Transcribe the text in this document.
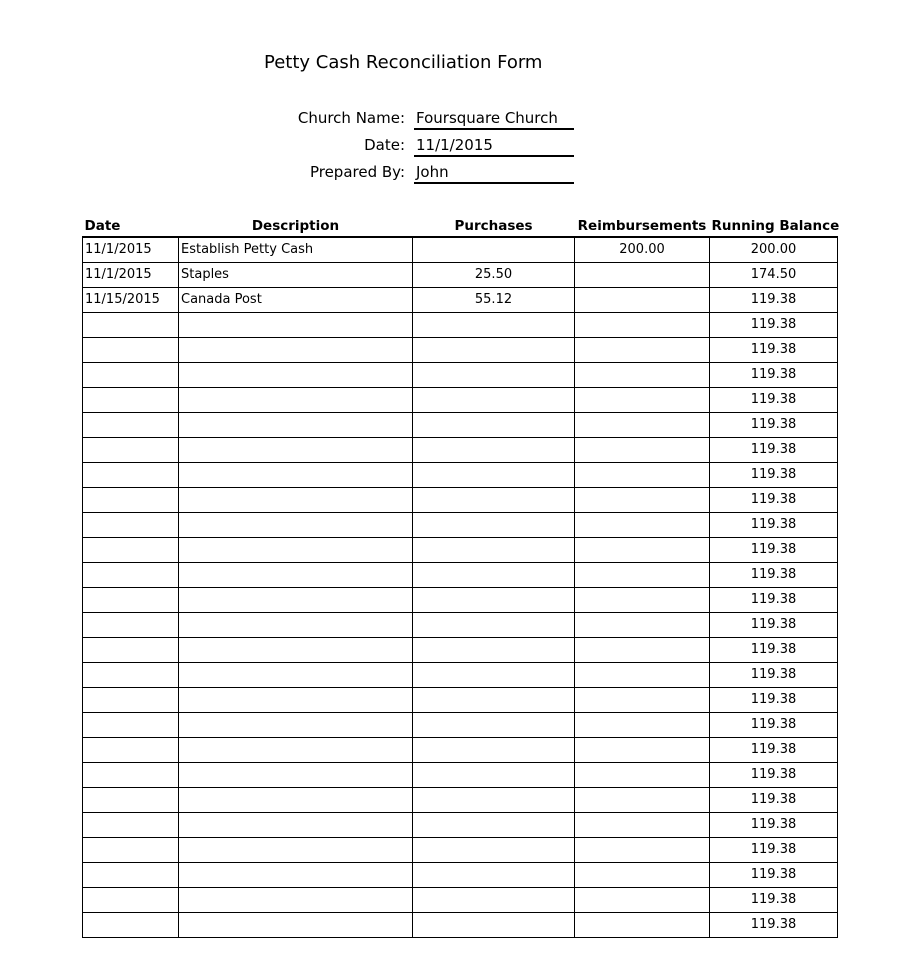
Petty Cash Reconciliation Form
Church Name: Foursquare Church
Date: 11/1/2015
Prepared By: John
Date	Description	Purchases	Reimbursements	Running Balance
11/1/2015	Establish Petty Cash		200.00	200.00
11/1/2015	Staples	25.50		174.50
11/15/2015	Canada Post	55.12		119.38
				119.38
				119.38
				119.38
				119.38
				119.38
				119.38
				119.38
				119.38
				119.38
				119.38
				119.38
				119.38
				119.38
				119.38
				119.38
				119.38
				119.38
				119.38
				119.38
				119.38
				119.38
				119.38
				119.38
				119.38
				119.38
